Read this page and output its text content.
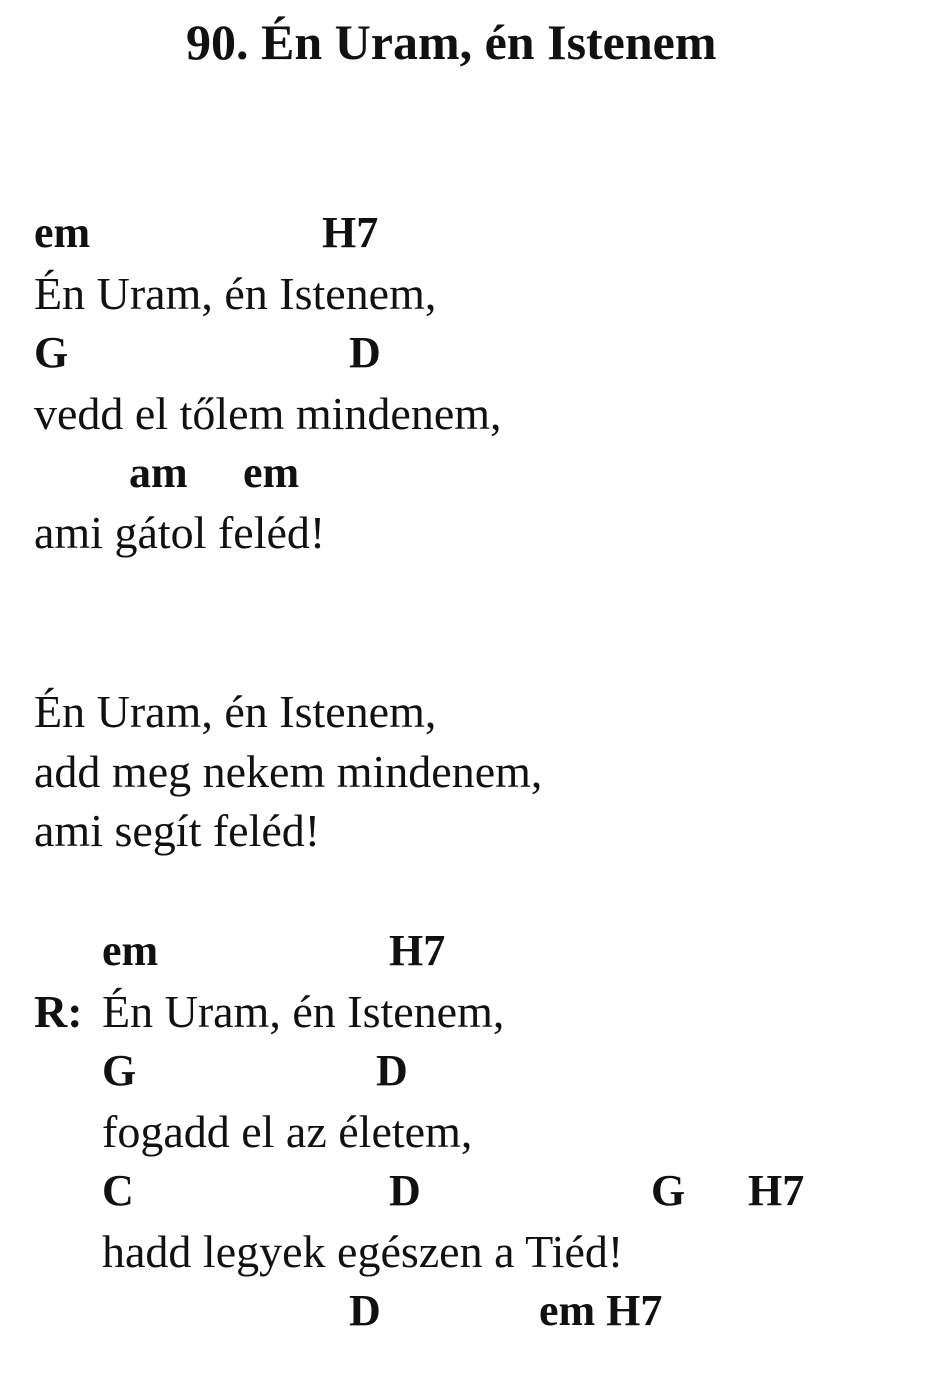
90. Én Uram, én Istenem
em	H7
Én Uram, én Istenem,
G	D
vedd el tőlem mindenem,
am em
ami gátol feléd!
Én Uram, én Istenem,
add meg nekem mindenem,
ami segít feléd!
em	H7
R: Én Uram, én Istenem,
G	D
fogadd el az életem,
C	D	G H7
hadd legyek egészen a Tiéd!
D	em H7
